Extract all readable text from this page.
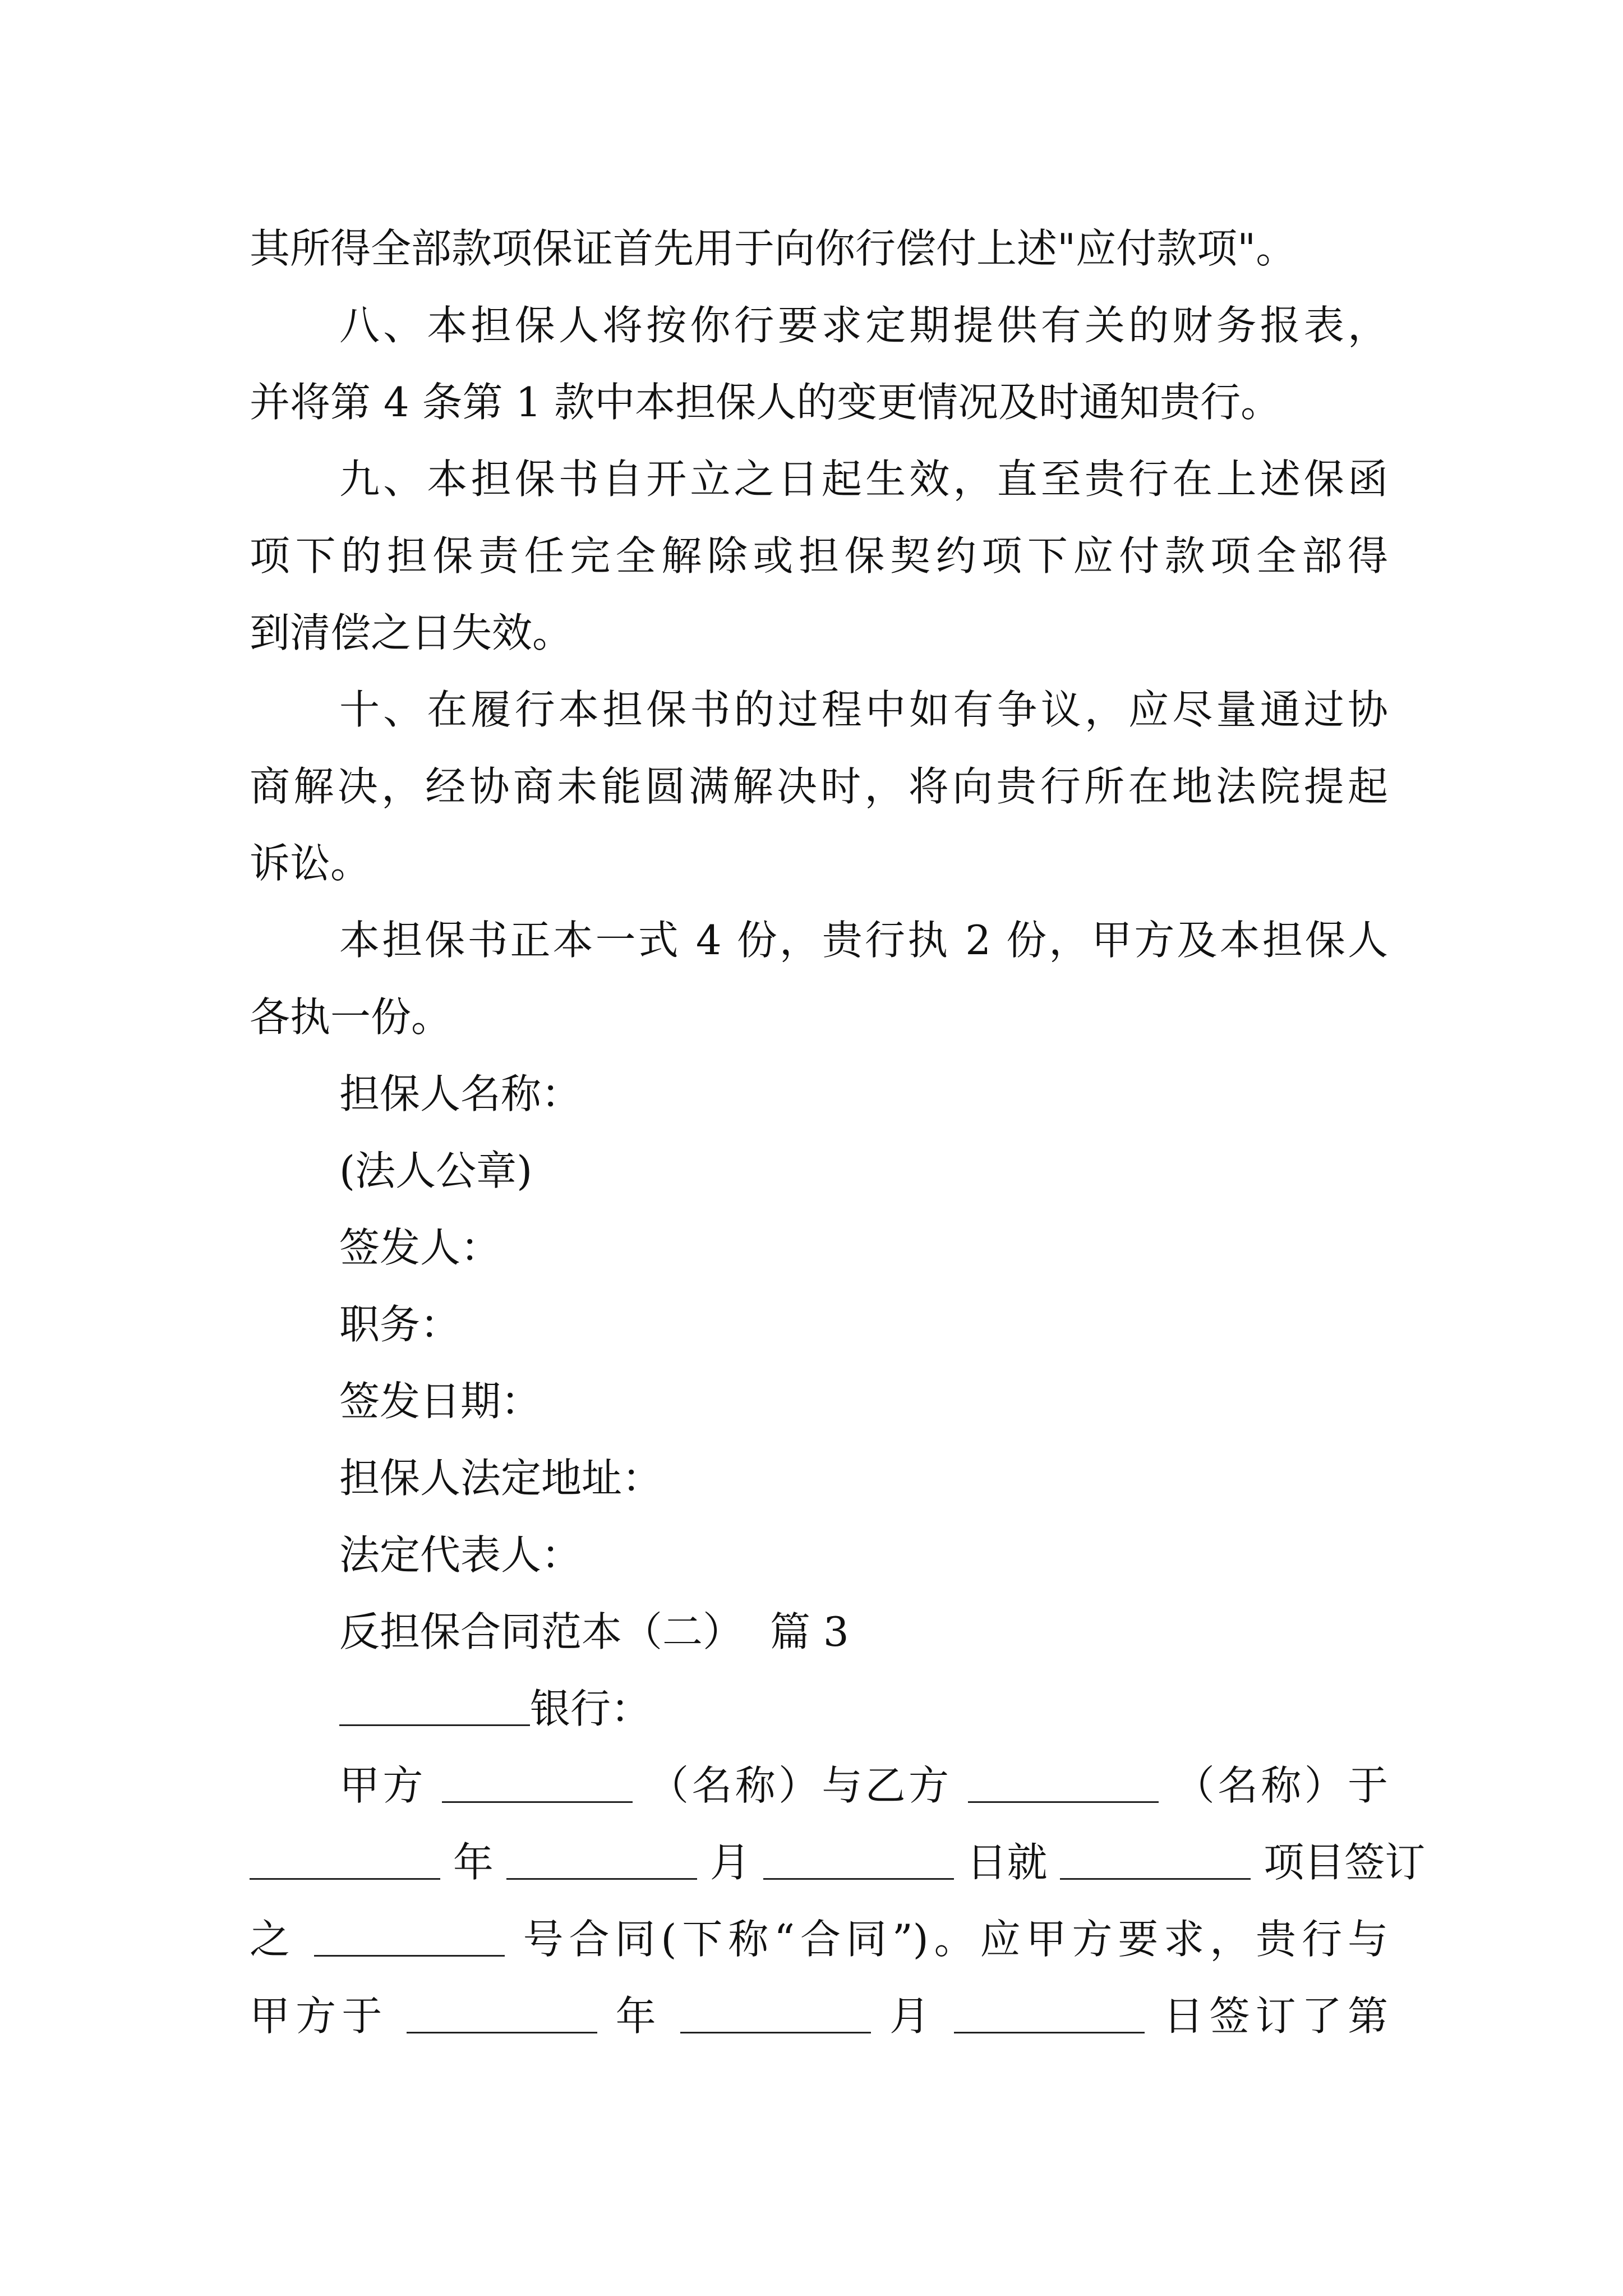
其所得全部款项保证首先用于向你行偿付上述"应付款项"。
八、本担保人将按你行要求定期提供有关的财务报表，
并将第 4 条第 1 款中本担保人的变更情况及时通知贵行。
九、本担保书自开立之日起生效，直至贵行在上述保函
项下的担保责任完全解除或担保契约项下应付款项全部得
到清偿之日失效。
十、在履行本担保书的过程中如有争议，应尽量通过协
商解决，经协商未能圆满解决时，将向贵行所在地法院提起
诉讼。
本担保书正本一式 4 份，贵行执 2 份，甲方及本担保人
各执一份。
担保人名称：
(法人公章)
签发人：
职务：
签发日期：
担保人法定地址：
法定代表人：
反担保合同范本（二） 篇 3
银行：
甲方	（名称）与乙方	（名称）于
年	月	日就	项目签订
之	号合同(下称“合同”)。应甲方要求，贵行与
甲方于	年	月	日签订了第
